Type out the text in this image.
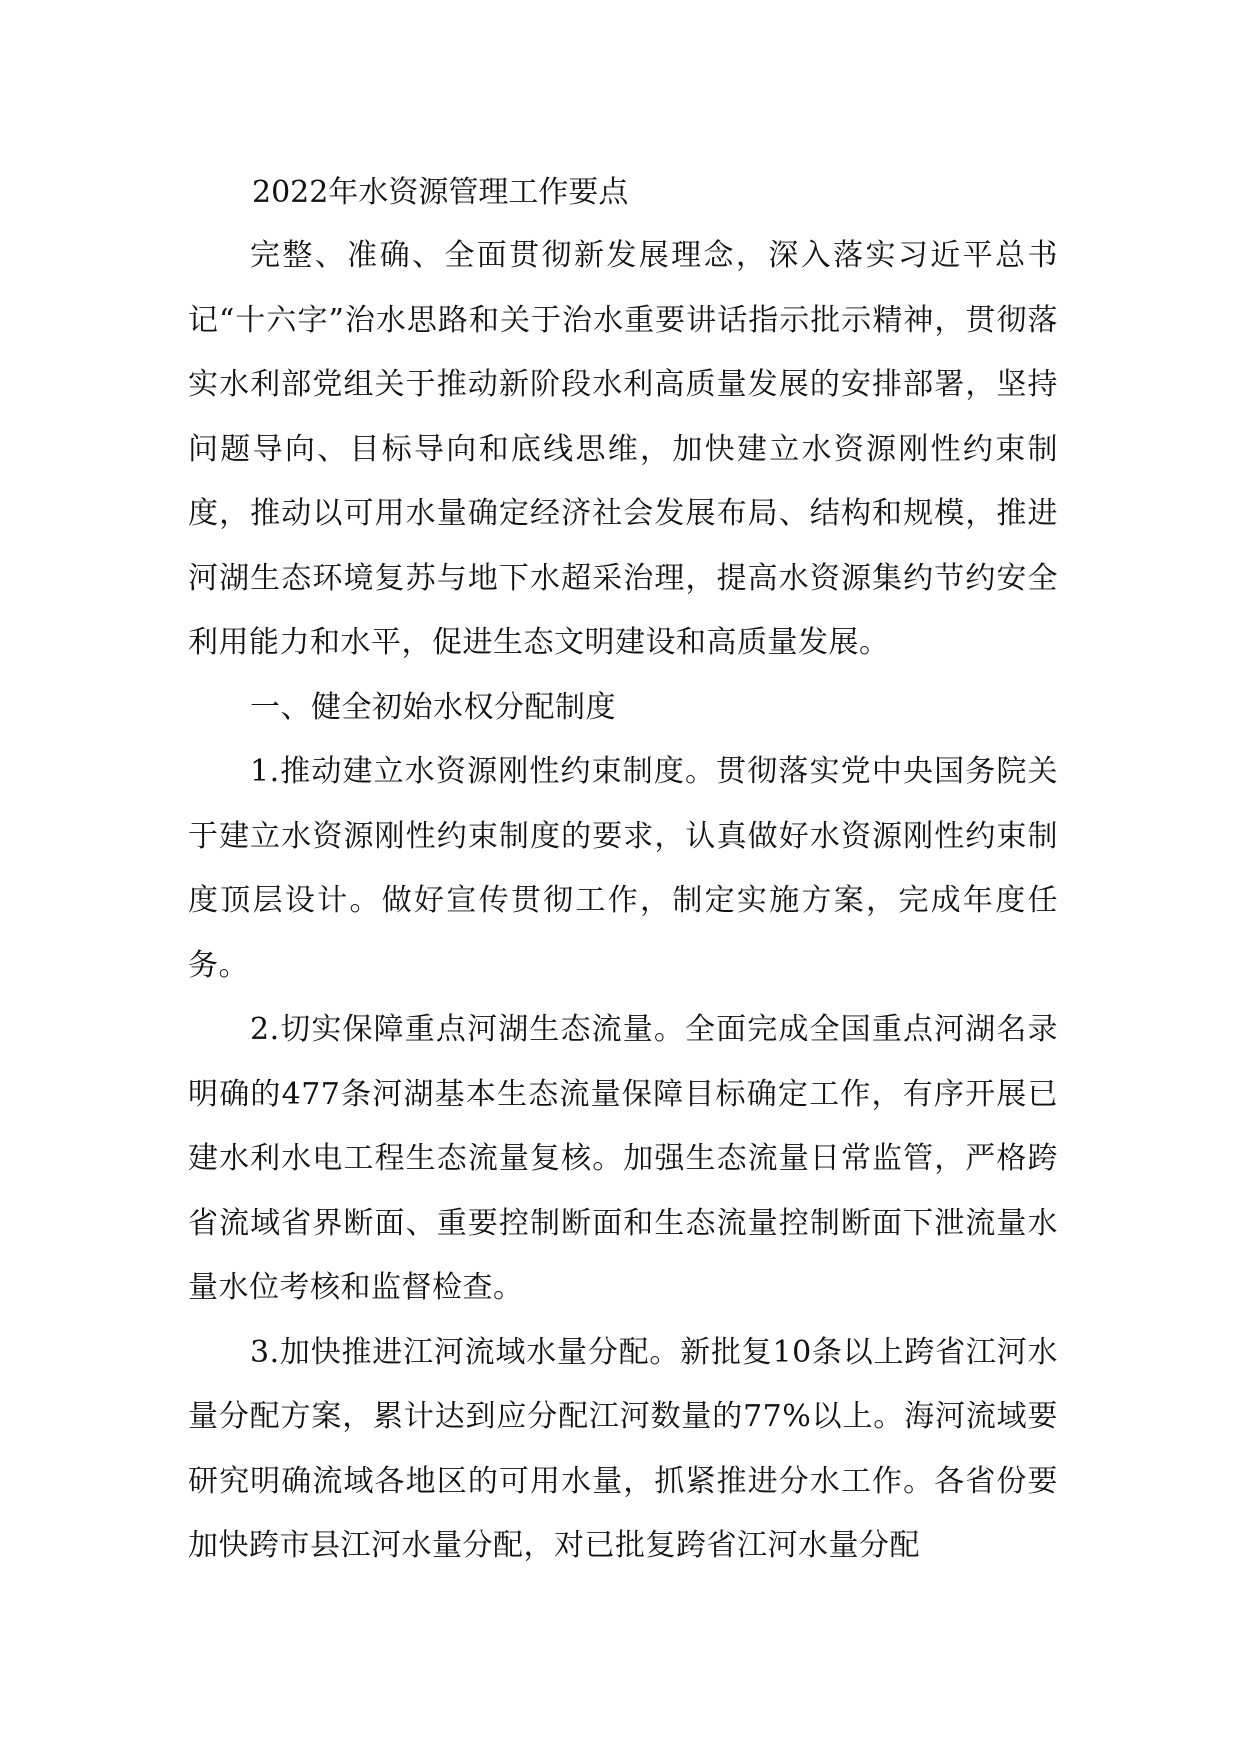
2022年水资源管理工作要点

完整、准确、全面贯彻新发展理念，深入落实习近平总书记“十六字”治水思路和关于治水重要讲话指示批示精神，贯彻落实水利部党组关于推动新阶段水利高质量发展的安排部署，坚持问题导向、目标导向和底线思维，加快建立水资源刚性约束制度，推动以可用水量确定经济社会发展布局、结构和规模，推进河湖生态环境复苏与地下水超采治理，提高水资源集约节约安全利用能力和水平，促进生态文明建设和高质量发展。

一、健全初始水权分配制度

1.推动建立水资源刚性约束制度。贯彻落实党中央国务院关于建立水资源刚性约束制度的要求，认真做好水资源刚性约束制度顶层设计。做好宣传贯彻工作，制定实施方案，完成年度任务。

2.切实保障重点河湖生态流量。全面完成全国重点河湖名录明确的477条河湖基本生态流量保障目标确定工作，有序开展已建水利水电工程生态流量复核。加强生态流量日常监管，严格跨省流域省界断面、重要控制断面和生态流量控制断面下泄流量水量水位考核和监督检查。

3.加快推进江河流域水量分配。新批复10条以上跨省江河水量分配方案，累计达到应分配江河数量的77%以上。海河流域要研究明确流域各地区的可用水量，抓紧推进分水工作。各省份要加快跨市县江河水量分配，对已批复跨省江河水量分配
